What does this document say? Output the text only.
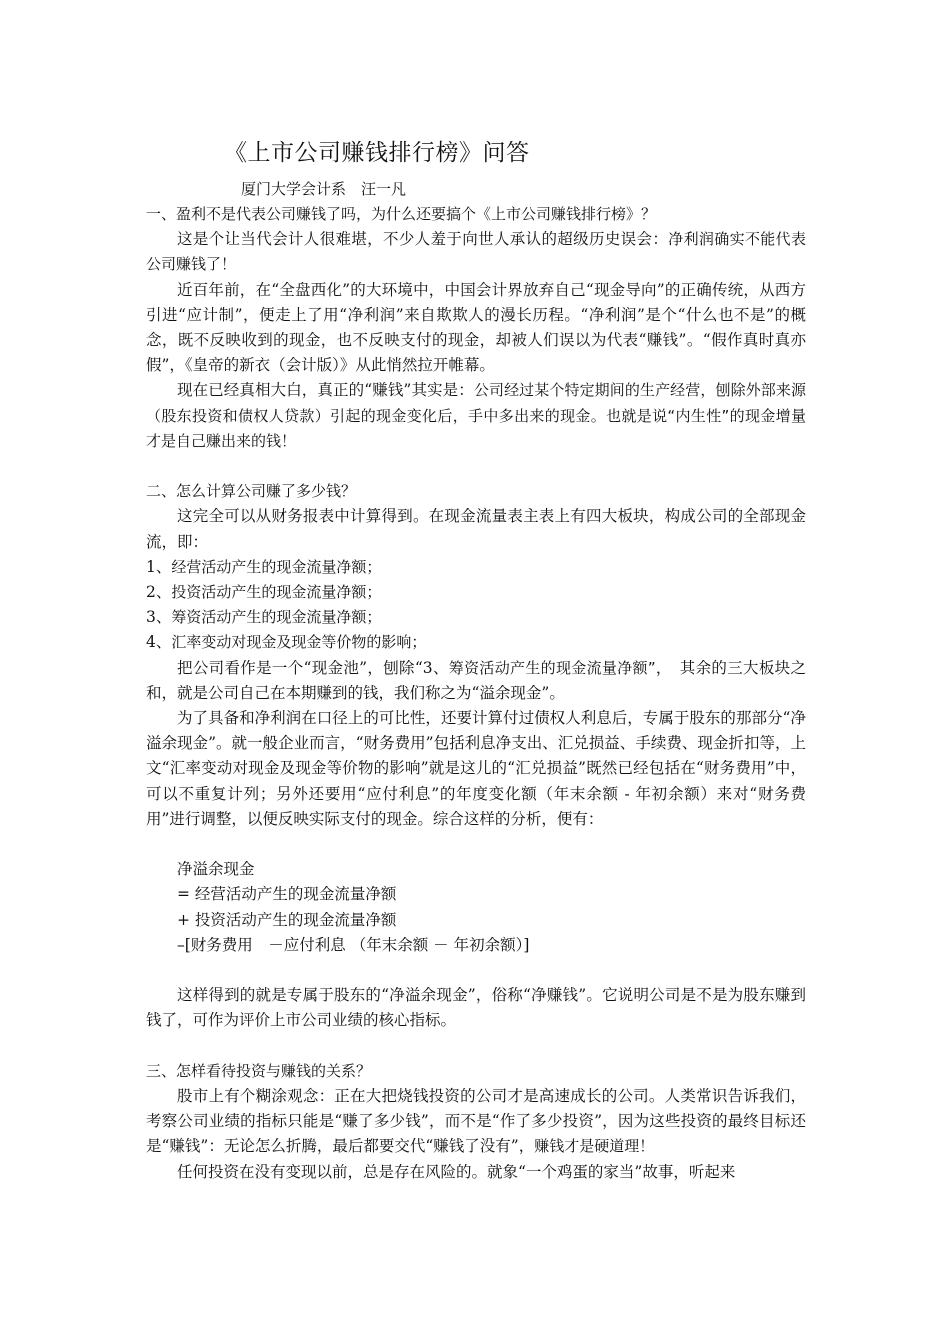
《上市公司赚钱排行榜》问答
厦门大学会计系　汪一凡

一、盈利不是代表公司赚钱了吗，为什么还要搞个《上市公司赚钱排行榜》？

这是个让当代会计人很难堪，不少人羞于向世人承认的超级历史误会：净利润确实不能代表公司赚钱了！

近百年前，在“全盘西化”的大环境中，中国会计界放弃自己“现金导向”的正确传统，从西方引进“应计制”，便走上了用“净利润”来自欺欺人的漫长历程。“净利润”是个“什么也不是”的概念，既不反映收到的现金，也不反映支付的现金，却被人们误以为代表“赚钱”。“假作真时真亦假”，《皇帝的新衣（会计版）》从此悄然拉开帷幕。

现在已经真相大白，真正的“赚钱”其实是：公司经过某个特定期间的生产经营，刨除外部来源（股东投资和债权人贷款）引起的现金变化后，手中多出来的现金。也就是说“内生性”的现金增量才是自己赚出来的钱！

二、怎么计算公司赚了多少钱？

这完全可以从财务报表中计算得到。在现金流量表主表上有四大板块，构成公司的全部现金流，即：

1、经营活动产生的现金流量净额；

2、投资活动产生的现金流量净额；

3、筹资活动产生的现金流量净额；

4、汇率变动对现金及现金等价物的影响；

把公司看作是一个“现金池”，刨除“3、筹资活动产生的现金流量净额”，　其余的三大板块之和，就是公司自己在本期赚到的钱，我们称之为“溢余现金”。

为了具备和净利润在口径上的可比性，还要计算付过债权人利息后，专属于股东的那部分“净溢余现金”。就一般企业而言，“财务费用”包括利息净支出、汇兑损益、手续费、现金折扣等，上文“汇率变动对现金及现金等价物的影响”就是这儿的“汇兑损益”既然已经包括在“财务费用”中，可以不重复计列；另外还要用“应付利息”的年度变化额（年末余额 - 年初余额）来对“财务费用”进行调整，以便反映实际支付的现金。综合这样的分析，便有：

净溢余现金

= 经营活动产生的现金流量净额

+ 投资活动产生的现金流量净额

–[财务费用　－应付利息 （年末余额 － 年初余额）]

这样得到的就是专属于股东的“净溢余现金”，俗称“净赚钱”。它说明公司是不是为股东赚到钱了，可作为评价上市公司业绩的核心指标。

三、怎样看待投资与赚钱的关系？

股市上有个糊涂观念：正在大把烧钱投资的公司才是高速成长的公司。人类常识告诉我们，考察公司业绩的指标只能是“赚了多少钱”，而不是“作了多少投资”，因为这些投资的最终目标还是“赚钱”：无论怎么折腾，最后都要交代“赚钱了没有”，赚钱才是硬道理！

任何投资在没有变现以前，总是存在风险的。就象“一个鸡蛋的家当”故事，听起来
